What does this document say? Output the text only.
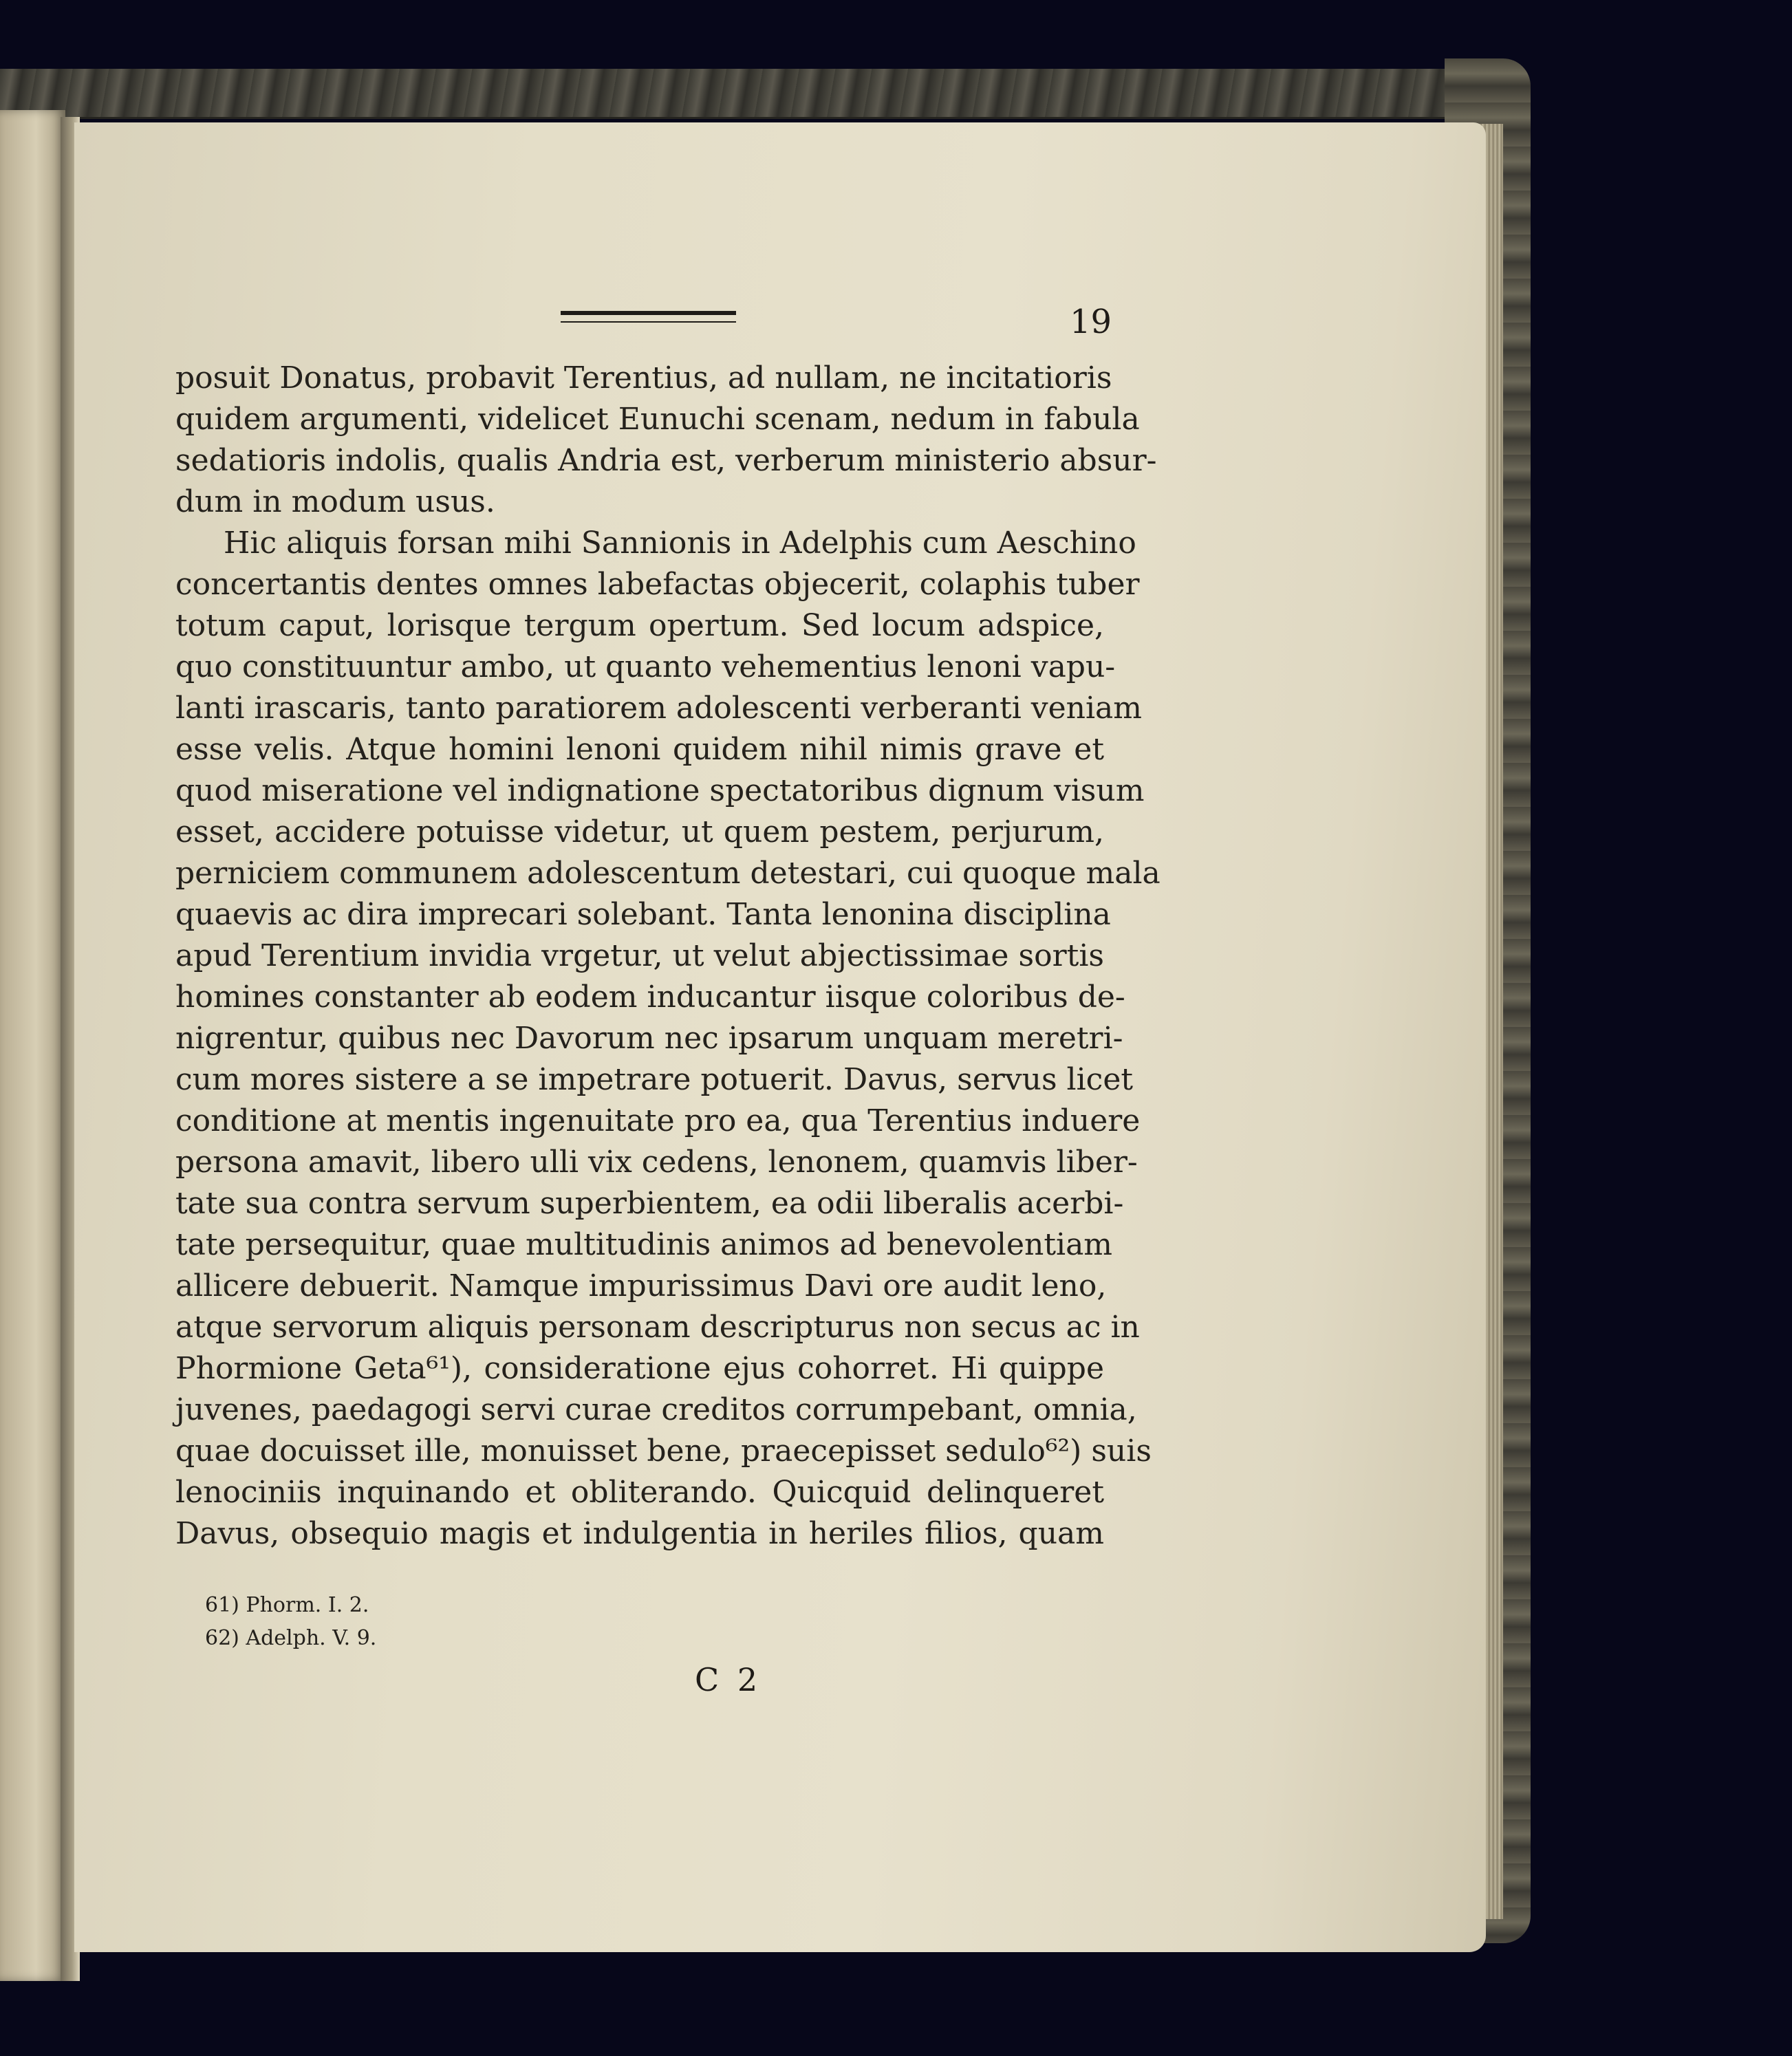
19
posuit Donatus, probavit Terentius, ad nullam, ne incitatioris
quidem argumenti, videlicet Eunuchi scenam, nedum in fabula
sedatioris indolis, qualis Andria est, verberum ministerio absur-
dum in modum usus.
Hic aliquis forsan mihi Sannionis in Adelphis cum Aeschino
concertantis dentes omnes labefactas objecerit, colaphis tuber
totum caput, lorisque tergum opertum. Sed locum adspice,
quo constituuntur ambo, ut quanto vehementius lenoni vapu-
lanti irascaris, tanto paratiorem adolescenti verberanti veniam
esse velis. Atque homini lenoni quidem nihil nimis grave et
quod miseratione vel indignatione spectatoribus dignum visum
esset, accidere potuisse videtur, ut quem pestem, perjurum,
perniciem communem adolescentum detestari, cui quoque mala
quaevis ac dira imprecari solebant. Tanta lenonina disciplina
apud Terentium invidia vrgetur, ut velut abjectissimae sortis
homines constanter ab eodem inducantur iisque coloribus de-
nigrentur, quibus nec Davorum nec ipsarum unquam meretri-
cum mores sistere a se impetrare potuerit. Davus, servus licet
conditione at mentis ingenuitate pro ea, qua Terentius induere
persona amavit, libero ulli vix cedens, lenonem, quamvis liber-
tate sua contra servum superbientem, ea odii liberalis acerbi-
tate persequitur, quae multitudinis animos ad benevolentiam
allicere debuerit. Namque impurissimus Davi ore audit leno,
atque servorum aliquis personam descripturus non secus ac in
Phormione Geta⁶¹), consideratione ejus cohorret. Hi quippe
juvenes, paedagogi servi curae creditos corrumpebant, omnia,
quae docuisset ille, monuisset bene, praecepisset sedulo⁶²) suis
lenociniis inquinando et obliterando. Quicquid delinqueret
Davus, obsequio magis et indulgentia in heriles filios, quam
61) Phorm. I. 2.
62) Adelph. V. 9.
C 2
